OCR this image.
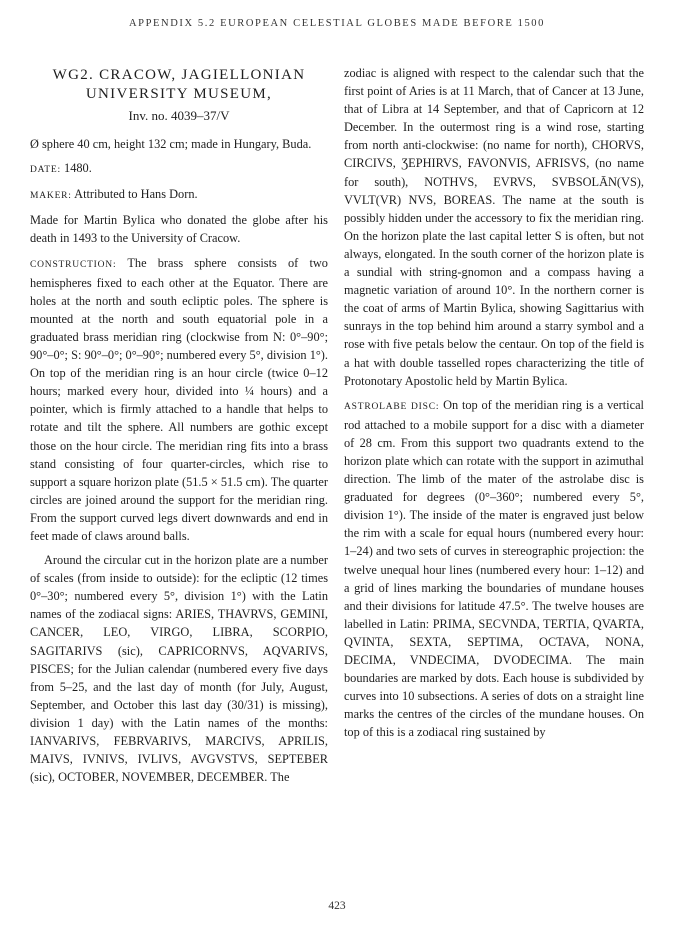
APPENDIX 5.2 EUROPEAN CELESTIAL GLOBES MADE BEFORE 1500
WG2. CRACOW, JAGIELLONIAN UNIVERSITY MUSEUM,
Inv. no. 4039–37/V

Ø sphere 40 cm, height 132 cm; made in Hungary, Buda.

DATE: 1480.

MAKER: Attributed to Hans Dorn.

Made for Martin Bylica who donated the globe after his death in 1493 to the University of Cracow.

CONSTRUCTION: The brass sphere consists of two hemispheres fixed to each other at the Equator. There are holes at the north and south ecliptic poles. The sphere is mounted at the north and south equatorial pole in a graduated brass meridian ring (clockwise from N: 0°–90°; 90°–0°; S: 90°–0°; 0°–90°; numbered every 5°, division 1°). On top of the meridian ring is an hour circle (twice 0–12 hours; marked every hour, divided into ¼ hours) and a pointer, which is firmly attached to a handle that helps to rotate and tilt the sphere. All numbers are gothic except those on the hour circle. The meridian ring fits into a brass stand consisting of four quarter-circles, which rise to support a square horizon plate (51.5 × 51.5 cm). The quarter circles are joined around the support for the meridian ring. From the support curved legs divert downwards and end in feet made of claws around balls.

Around the circular cut in the horizon plate are a number of scales (from inside to outside): for the ecliptic (12 times 0°–30°; numbered every 5°, division 1°) with the Latin names of the zodiacal signs: ARIES, THAVRVS, GEMINI, CANCER, LEO, VIRGO, LIBRA, SCORPIO, SAGITARIVS (sic), CAPRICORNVS, AQVARIVS, PISCES; for the Julian calendar (numbered every five days from 5–25, and the last day of month (for July, August, September, and October this last day (30/31) is missing), division 1 day) with the Latin names of the months: IANVARIVS, FEBRVARIVS, MARCIVS, APRILIS, MAIVS, IVNIVS, IVLIVS, AVGVSTVS, SEPTEBER (sic), OCTOBER, NOVEMBER, DECEMBER. The

zodiac is aligned with respect to the calendar such that the first point of Aries is at 11 March, that of Cancer at 13 June, that of Libra at 14 September, and that of Capricorn at 12 December. In the outermost ring is a wind rose, starting from north anti-clockwise: (no name for north), CHORVS, CIRCIVS, ƷEPHIRVS, FAVONVIS, AFRISVS, (no name for south), NOTHVS, EVRVS, SVBSOLĀN(VS), VVLT(VR) NVS, BOREAS. The name at the south is possibly hidden under the accessory to fix the meridian ring. On the horizon plate the last capital letter S is often, but not always, elongated. In the south corner of the horizon plate is a sundial with string-gnomon and a compass having a magnetic variation of around 10°. In the northern corner is the coat of arms of Martin Bylica, showing Sagittarius with sunrays in the top behind him around a starry symbol and a rose with five petals below the centaur. On top of the field is a hat with double tasselled ropes characterizing the title of Protonotary Apostolic held by Martin Bylica.

ASTROLABE DISC: On top of the meridian ring is a vertical rod attached to a mobile support for a disc with a diameter of 28 cm. From this support two quadrants extend to the horizon plate which can rotate with the support in azimuthal direction. The limb of the mater of the astrolabe disc is graduated for degrees (0°–360°; numbered every 5°, division 1°). The inside of the mater is engraved just below the rim with a scale for equal hours (numbered every hour: 1–24) and two sets of curves in stereographic projection: the twelve unequal hour lines (numbered every hour: 1–12) and a grid of lines marking the boundaries of mundane houses and their divisions for latitude 47.5°. The twelve houses are labelled in Latin: PRIMA, SECVNDA, TERTIA, QVARTA, QVINTA, SEXTA, SEPTIMA, OCTAVA, NONA, DECIMA, VNDECIMA, DVODECIMA. The main boundaries are marked by dots. Each house is subdivided by curves into 10 subsections. A series of dots on a straight line marks the centres of the circles of the mundane houses. On top of this is a zodiacal ring sustained by

423
